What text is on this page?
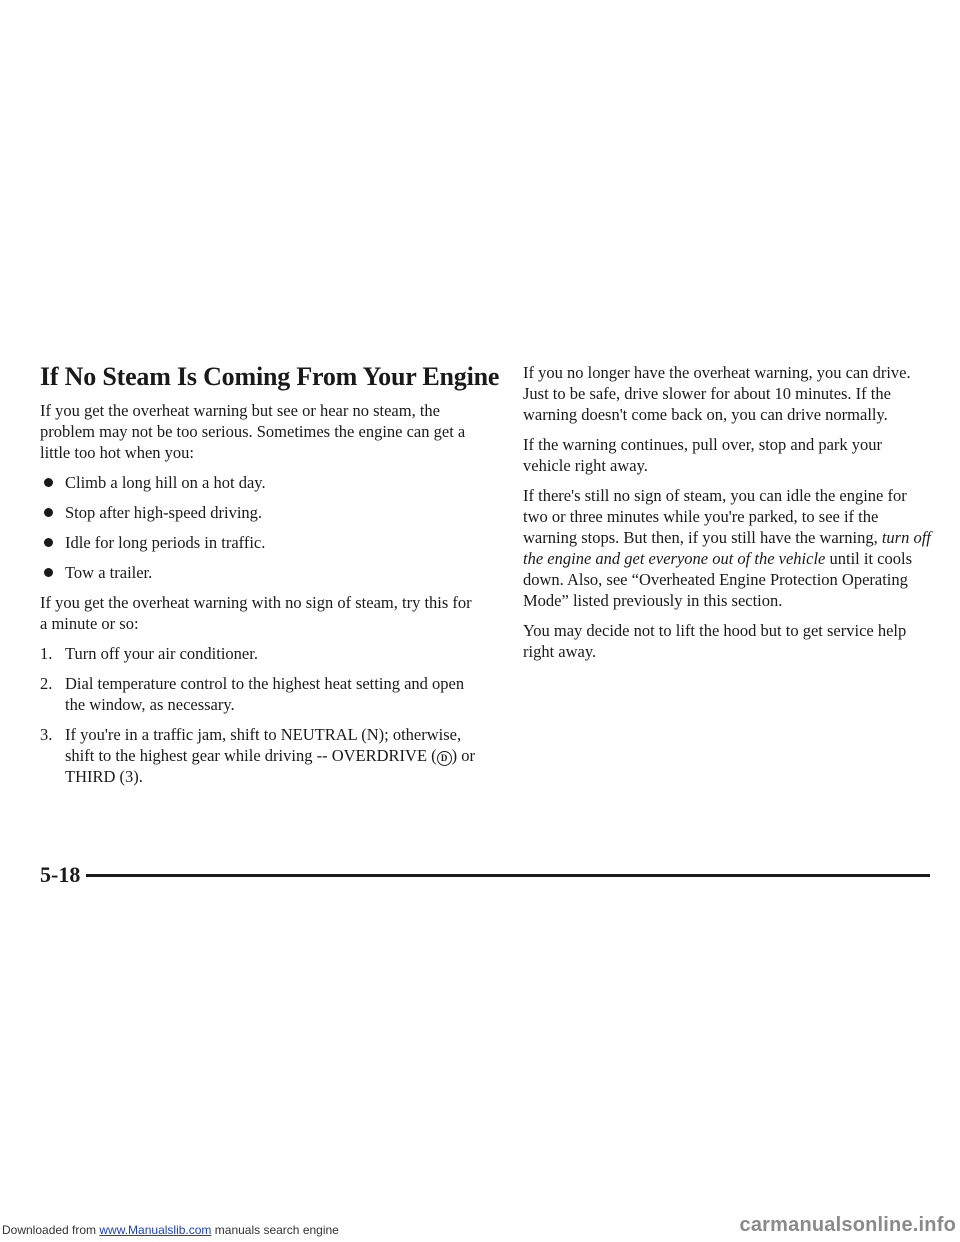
If No Steam Is Coming From Your Engine

If you get the overheat warning but see or hear no steam, the problem may not be too serious. Sometimes the engine can get a little too hot when you:

Climb a long hill on a hot day.
Stop after high-speed driving.
Idle for long periods in traffic.
Tow a trailer.

If you get the overheat warning with no sign of steam, try this for a minute or so:

1. Turn off your air conditioner.
2. Dial temperature control to the highest heat setting and open the window, as necessary.
3. If you're in a traffic jam, shift to NEUTRAL (N); otherwise, shift to the highest gear while driving -- OVERDRIVE ( D ) or THIRD (3).

If you no longer have the overheat warning, you can drive. Just to be safe, drive slower for about 10 minutes. If the warning doesn't come back on, you can drive normally.

If the warning continues, pull over, stop and park your vehicle right away.

If there's still no sign of steam, you can idle the engine for two or three minutes while you're parked, to see if the warning stops. But then, if you still have the warning, turn off the engine and get everyone out of the vehicle until it cools down. Also, see “Overheated Engine Protection Operating Mode” listed previously in this section.

You may decide not to lift the hood but to get service help right away.

5-18
Downloaded from www.Manualslib.com manuals search engine	carmanualsonline.info
